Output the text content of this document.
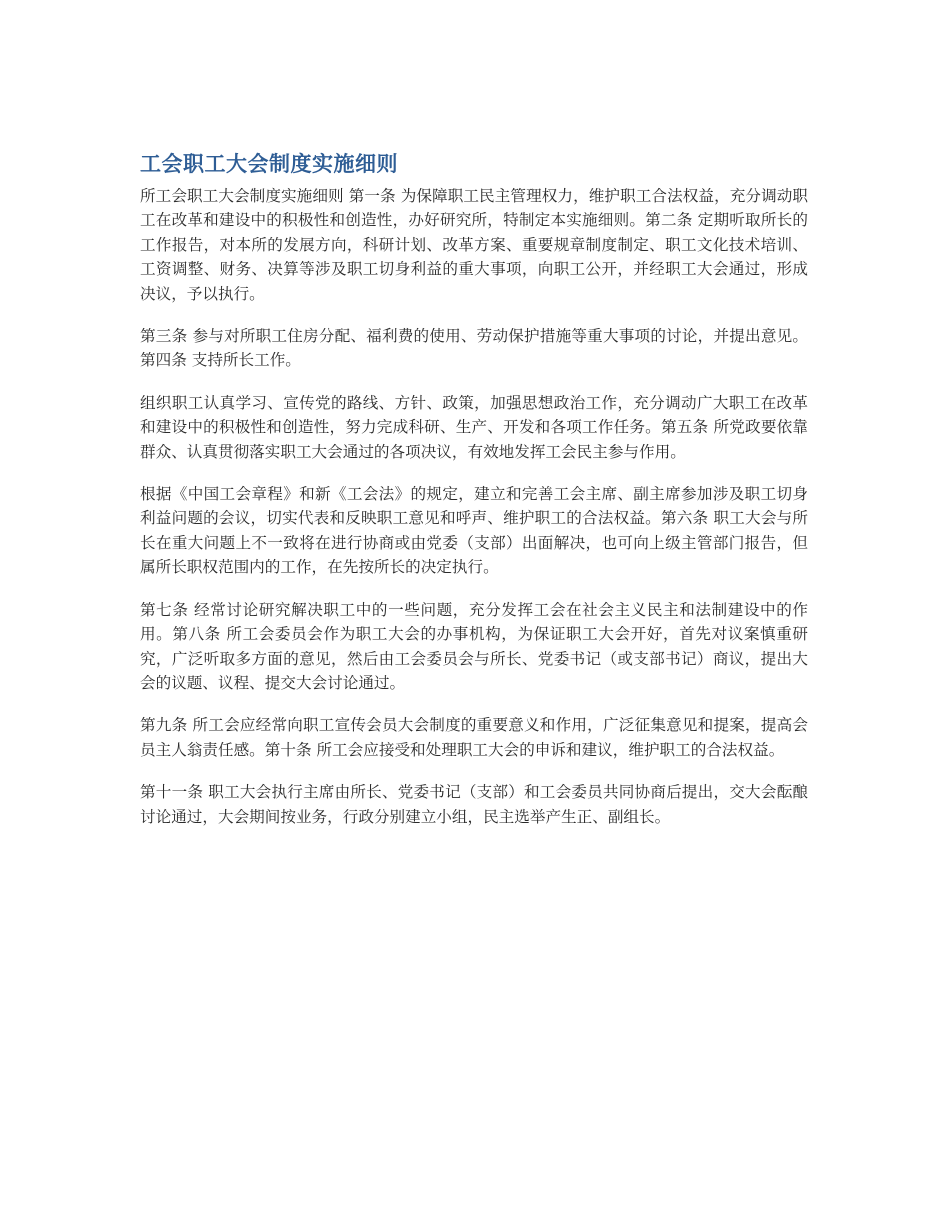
工会职工大会制度实施细则

所工会职工大会制度实施细则 第一条 为保障职工民主管理权力，维护职工合法权益，充分调动职工在改革和建设中的积极性和创造性，办好研究所，特制定本实施细则。第二条 定期听取所长的工作报告，对本所的发展方向，科研计划、改革方案、重要规章制度制定、职工文化技术培训、工资调整、财务、决算等涉及职工切身利益的重大事项，向职工公开，并经职工大会通过，形成决议，予以执行。

第三条 参与对所职工住房分配、福利费的使用、劳动保护措施等重大事项的讨论，并提出意见。第四条 支持所长工作。

组织职工认真学习、宣传党的路线、方针、政策，加强思想政治工作，充分调动广大职工在改革和建设中的积极性和创造性，努力完成科研、生产、开发和各项工作任务。第五条 所党政要依靠群众、认真贯彻落实职工大会通过的各项决议，有效地发挥工会民主参与作用。

根据《中国工会章程》和新《工会法》的规定，建立和完善工会主席、副主席参加涉及职工切身利益问题的会议，切实代表和反映职工意见和呼声、维护职工的合法权益。第六条 职工大会与所长在重大问题上不一致将在进行协商或由党委（支部）出面解决，也可向上级主管部门报告，但属所长职权范围内的工作，在先按所长的决定执行。

第七条 经常讨论研究解决职工中的一些问题，充分发挥工会在社会主义民主和法制建设中的作用。第八条 所工会委员会作为职工大会的办事机构，为保证职工大会开好，首先对议案慎重研究，广泛听取多方面的意见，然后由工会委员会与所长、党委书记（或支部书记）商议，提出大会的议题、议程、提交大会讨论通过。

第九条 所工会应经常向职工宣传会员大会制度的重要意义和作用，广泛征集意见和提案，提高会员主人翁责任感。第十条 所工会应接受和处理职工大会的申诉和建议，维护职工的合法权益。

第十一条 职工大会执行主席由所长、党委书记（支部）和工会委员共同协商后提出，交大会酝酿讨论通过，大会期间按业务，行政分别建立小组，民主选举产生正、副组长。
